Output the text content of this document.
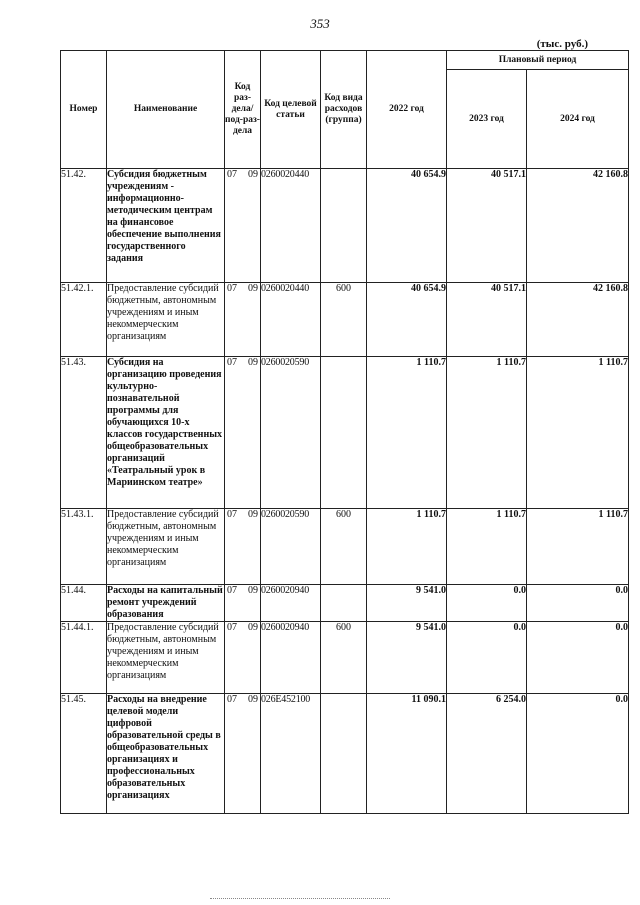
353
(тыс. руб.)
Номер	Наименование	Код раз-дела/ под-раз-дела	Код целевой статьи	Код вида расходов (группа)	2022 год	Плановый период	
						2023 год	2024 год
51.42.	Субсидия бюджетным учреждениям - информационно-методическим центрам на финансовое обеспечение выполнения государственного задания	07 09	0260020440		40 654.9	40 517.1	42 160.8
51.42.1.	Предоставление субсидий бюджетным, автономным учреждениям и иным некоммерческим организациям	07 09	0260020440	600	40 654.9	40 517.1	42 160.8
51.43.	Субсидия на организацию проведения культурно-познавательной программы для обучающихся 10-х классов государственных общеобразовательных организаций «Театральный урок в Мариинском театре»	07 09	0260020590		1 110.7	1 110.7	1 110.7
51.43.1.	Предоставление субсидий бюджетным, автономным учреждениям и иным некоммерческим организациям	07 09	0260020590	600	1 110.7	1 110.7	1 110.7
51.44.	Расходы на капитальный ремонт учреждений образования	07 09	0260020940		9 541.0	0.0	0.0
51.44.1.	Предоставление субсидий бюджетным, автономным учреждениям и иным некоммерческим организациям	07 09	0260020940	600	9 541.0	0.0	0.0
51.45.	Расходы на внедрение целевой модели цифровой образовательной среды в общеобразовательных организациях и профессиональных образовательных организациях	07 09	026E452100		11 090.1	6 254.0	0.0
